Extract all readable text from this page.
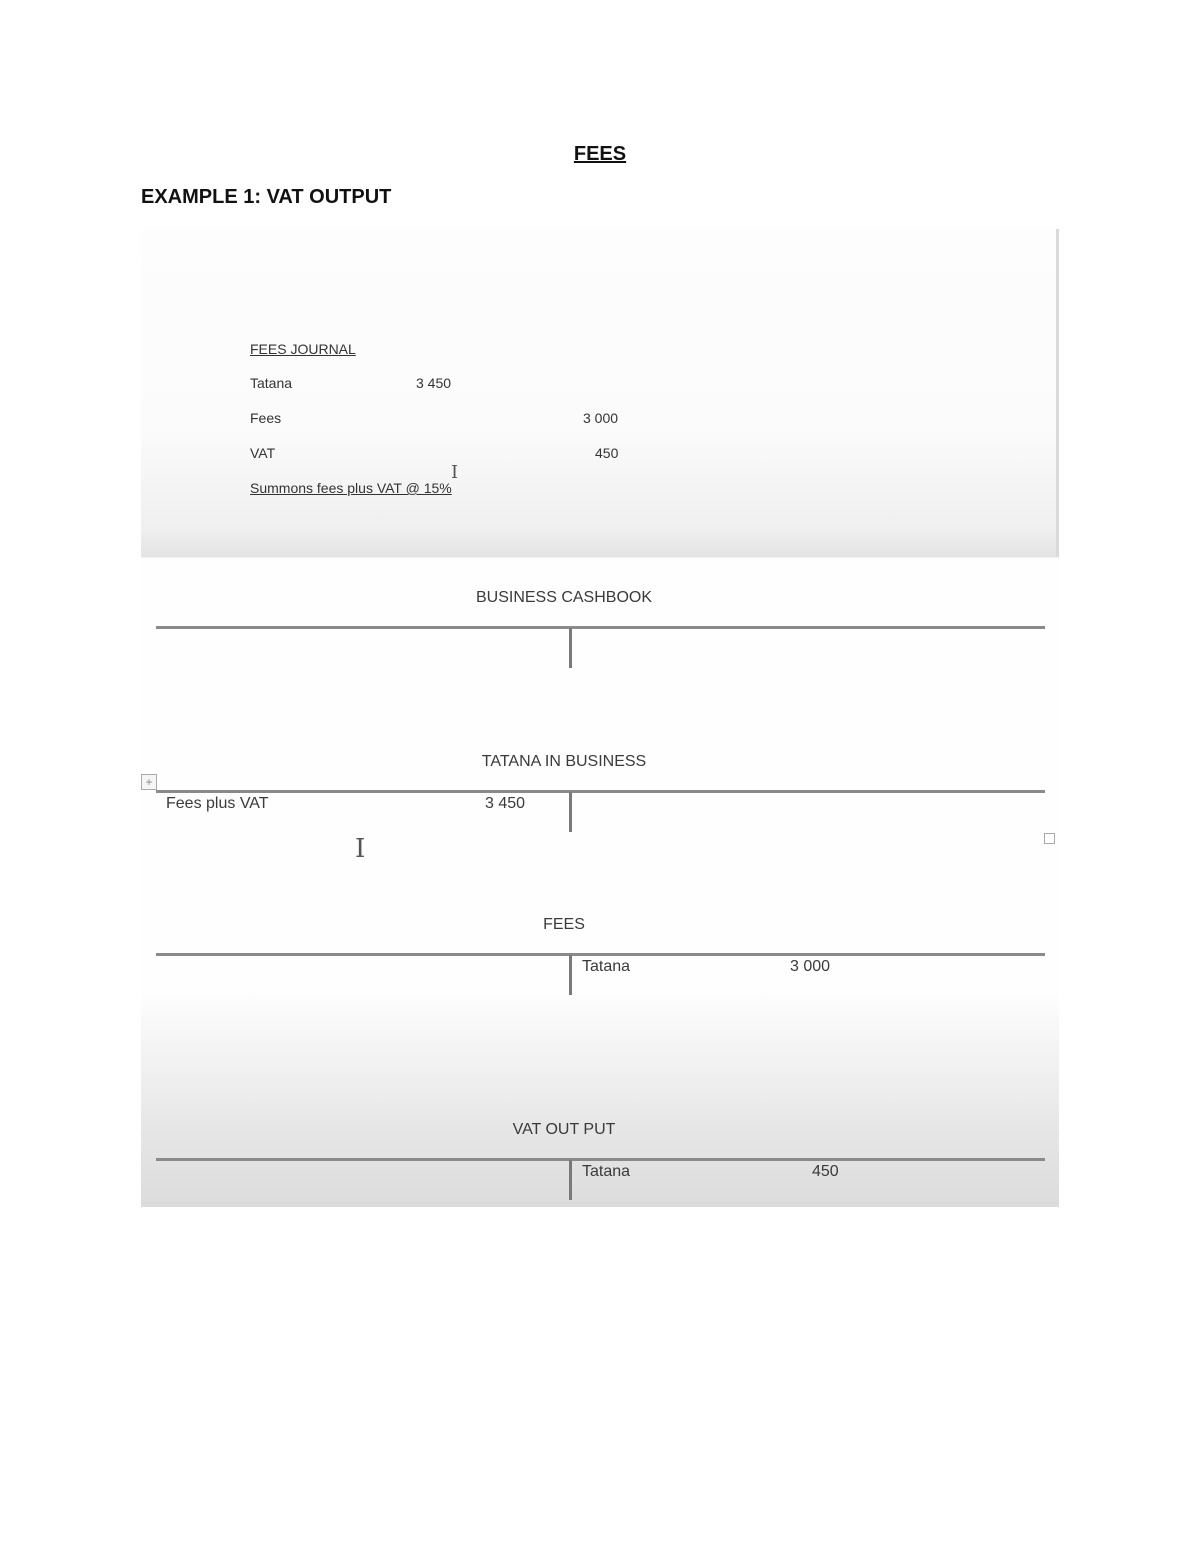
FEES
EXAMPLE 1: VAT OUTPUT
FEES JOURNAL
Tatana	3 450
Fees	3 000
VAT	450
Summons fees plus VAT @ 15%
I
BUSINESS CASHBOOK
TATANA IN BUSINESS
+
Fees plus VAT	3 450
I
FEES
Tatana	3 000
VAT OUT PUT
Tatana	450
